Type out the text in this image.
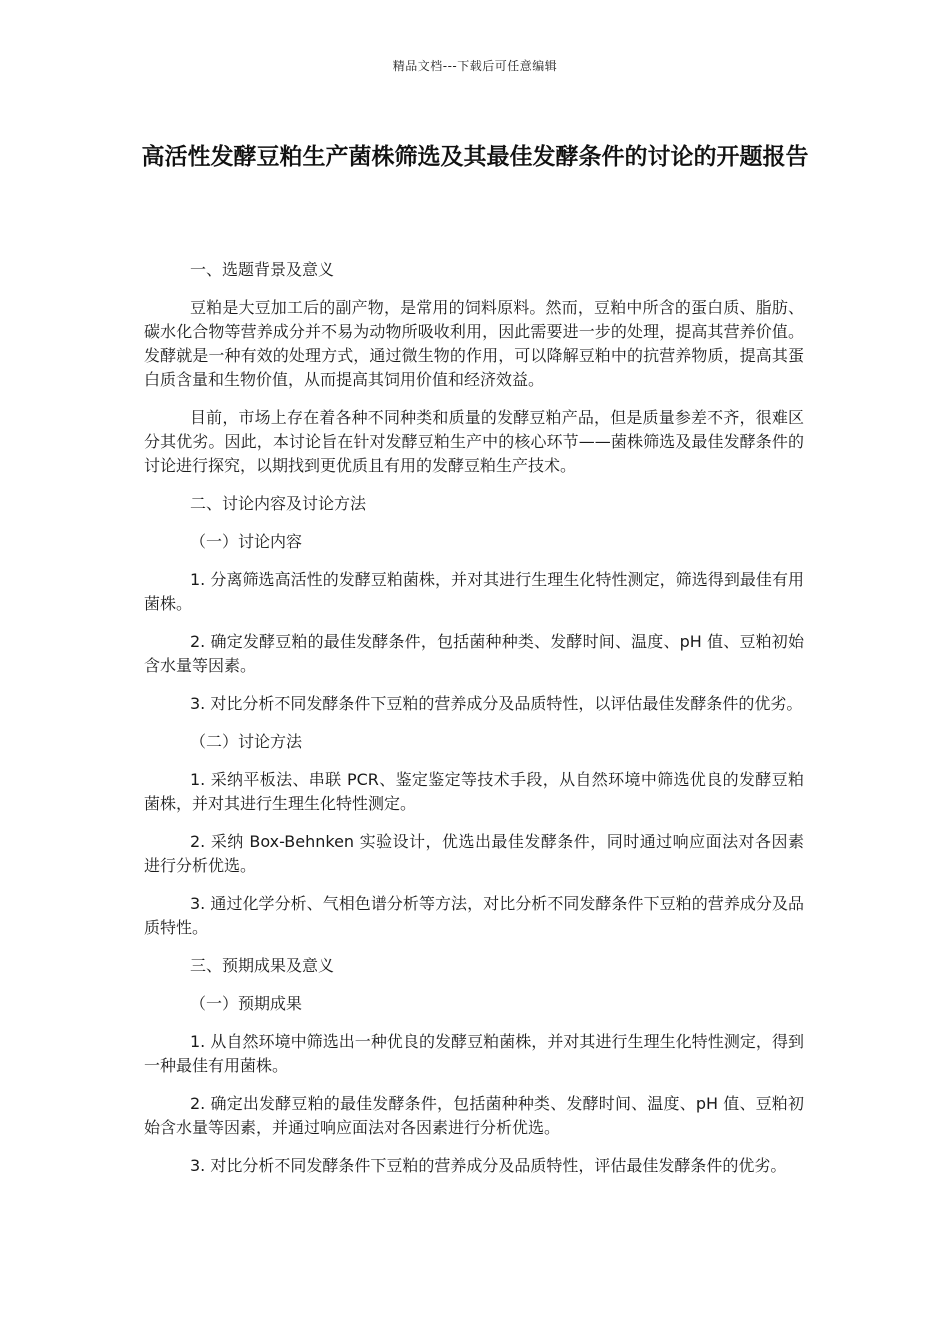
精品文档---下载后可任意编辑
高活性发酵豆粕生产菌株筛选及其最佳发酵条件的讨论的开题报告
一、选题背景及意义

豆粕是大豆加工后的副产物，是常用的饲料原料。然而，豆粕中所含的蛋白质、脂肪、碳水化合物等营养成分并不易为动物所吸收利用，因此需要进一步的处理，提高其营养价值。发酵就是一种有效的处理方式，通过微生物的作用，可以降解豆粕中的抗营养物质，提高其蛋白质含量和生物价值，从而提高其饲用价值和经济效益。

目前，市场上存在着各种不同种类和质量的发酵豆粕产品，但是质量参差不齐，很难区分其优劣。因此，本讨论旨在针对发酵豆粕生产中的核心环节——菌株筛选及最佳发酵条件的讨论进行探究，以期找到更优质且有用的发酵豆粕生产技术。

二、讨论内容及讨论方法
（一）讨论内容

1. 分离筛选高活性的发酵豆粕菌株，并对其进行生理生化特性测定，筛选得到最佳有用菌株。

2. 确定发酵豆粕的最佳发酵条件，包括菌种种类、发酵时间、温度、pH 值、豆粕初始含水量等因素。

3. 对比分析不同发酵条件下豆粕的营养成分及品质特性，以评估最佳发酵条件的优劣。

（二）讨论方法

1. 采纳平板法、串联 PCR、鉴定鉴定等技术手段，从自然环境中筛选优良的发酵豆粕菌株，并对其进行生理生化特性测定。

2. 采纳 Box-Behnken 实验设计，优选出最佳发酵条件，同时通过响应面法对各因素进行分析优选。

3. 通过化学分析、气相色谱分析等方法，对比分析不同发酵条件下豆粕的营养成分及品质特性。

三、预期成果及意义
（一）预期成果

1. 从自然环境中筛选出一种优良的发酵豆粕菌株，并对其进行生理生化特性测定，得到一种最佳有用菌株。

2. 确定出发酵豆粕的最佳发酵条件，包括菌种种类、发酵时间、温度、pH 值、豆粕初始含水量等因素，并通过响应面法对各因素进行分析优选。

3. 对比分析不同发酵条件下豆粕的营养成分及品质特性，评估最佳发酵条件的优劣。
